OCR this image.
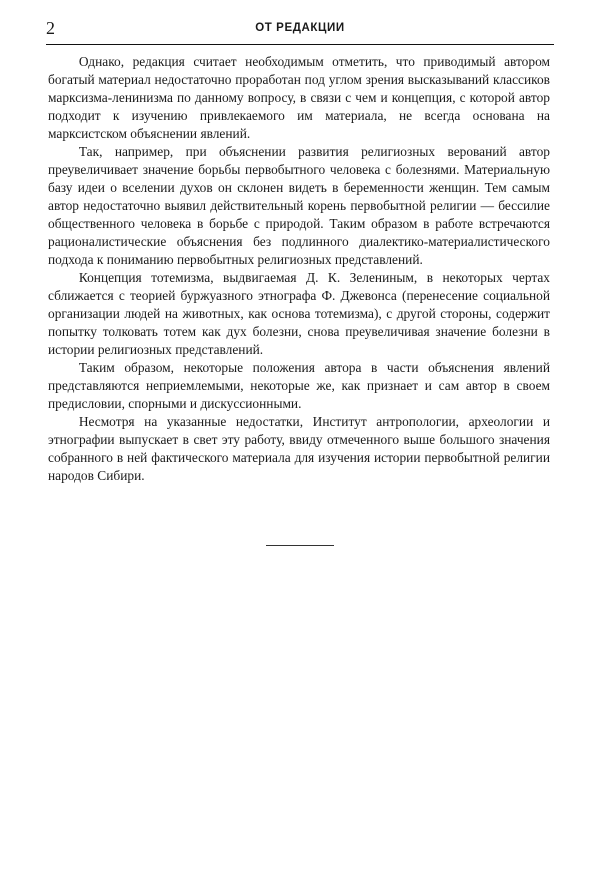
2	ОТ РЕДАКЦИИ

Однако, редакция считает необходимым отметить, что приводимый автором богатый материал недостаточно проработан под углом зрения высказываний классиков марксизма-ленинизма по данному вопросу, в связи с чем и концепция, с которой автор подходит к изучению привлекаемого им материала, не всегда основана на марксистском объяснении явлений.

Так, например, при объяснении развития религиозных верований автор преувеличивает значение борьбы первобытного человека с болезнями. Материальную базу идеи о вселении духов он склонен видеть в беременности женщин. Тем самым автор недостаточно выявил действительный корень первобытной религии — бессилие общественного человека в борьбе с природой. Таким образом в работе встречаются рационалистические объяснения без подлинного диалектико-материалистического подхода к пониманию первобытных религиозных представлений.

Концепция тотемизма, выдвигаемая Д. К. Зелениным, в некоторых чертах сближается с теорией буржуазного этнографа Ф. Джевонса (перенесение социальной организации людей на животных, как основа тотемизма), с другой стороны, содержит попытку толковать тотем как дух болезни, снова преувеличивая значение болезни в истории религиозных представлений.

Таким образом, некоторые положения автора в части объяснения явлений представляются неприемлемыми, некоторые же, как признает и сам автор в своем предисловии, спорными и дискуссионными.

Несмотря на указанные недостатки, Институт антропологии, археологии и этнографии выпускает в свет эту работу, ввиду отмеченного выше большого значения собранного в ней фактического материала для изучения истории первобытной религии народов Сибири.
